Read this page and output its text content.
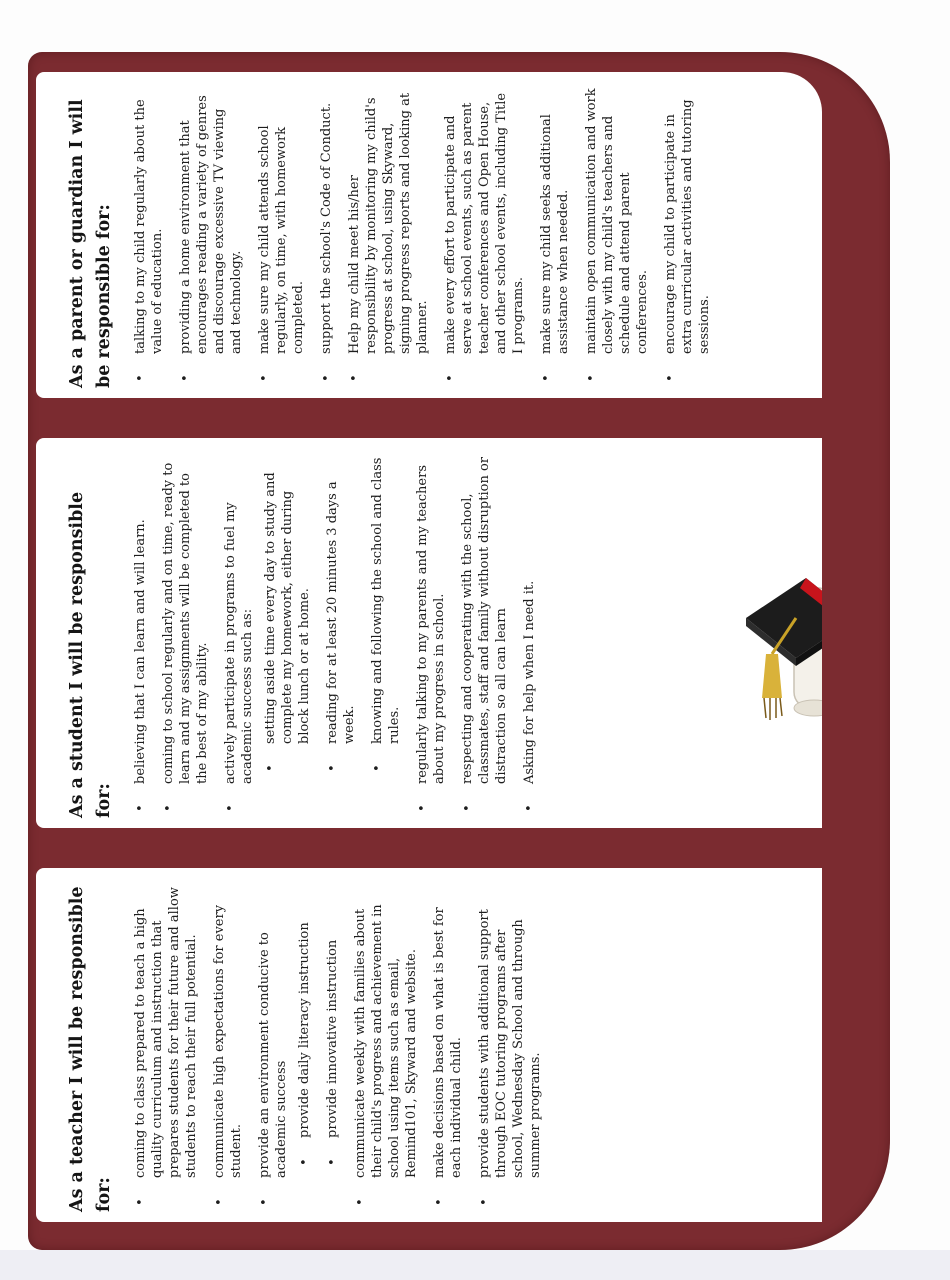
As a teacher I will be responsible for:
• coming to class prepared to teach a high quality curriculum and instruction that prepares students for their future and allow students to reach their full potential. • communicate high expectations for every student. • provide an environment conducive to academic success • provide daily literacy instruction • provide innovative instruction • communicate weekly with families about their child's progress and achievement in school using items such as email, Remind101, Skyward and website. • make decisions based on what is best for each individual child. • provide students with additional support through EOC tutoring programs after school, Wednesday School and through summer programs.
As a student I will be responsible for:
• believing that I can learn and will learn. • coming to school regularly and on time, ready to learn and my assignments will be completed to the best of my ability. • actively participate in programs to fuel my academic success such as: • setting aside time every day to study and complete my homework, either during block lunch or at home. • reading for at least 20 minutes 3 days a week. • knowing and following the school and class rules. • regularly talking to my parents and my teachers about my progress in school. • respecting and cooperating with the school, classmates, staff and family without disruption or distraction so all can learn • Asking for help when I need it.
As a parent or guardian I will be responsible for:	• talking to my child regularly about the value of education. • providing a home environment that encourages reading a variety of genres and discourage excessive TV viewing and technology. • make sure my child attends school regularly, on time, with homework completed. • support the school's Code of Conduct. • Help my child meet his/her responsibility by monitoring my child's progress at school, using Skyward, signing progress reports and looking at planner. • make every effort to participate and serve at school events, such as parent teacher conferences and Open House, and other school events, including Title I programs. • make sure my child seeks additional assistance when needed. • maintain open communication and work closely with my child's teachers and schedule and attend parent conferences. • encourage my child to participate in extra curricular activities and tutoring sessions.
